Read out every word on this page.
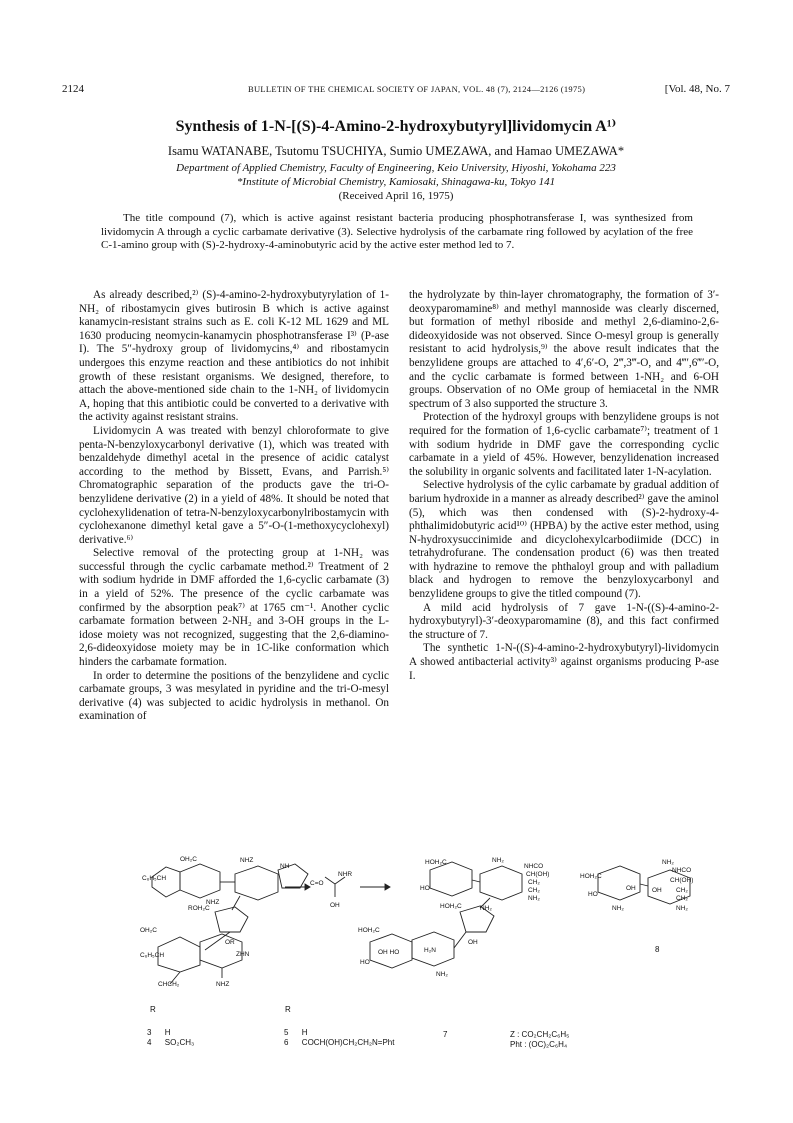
2124	BULLETIN OF THE CHEMICAL SOCIETY OF JAPAN, VOL. 48 (7), 2124—2126 (1975)	[Vol. 48, No. 7
Synthesis of 1-N-[(S)-4-Amino-2-hydroxybutyryl]lividomycin A¹⁾
Isamu WATANABE, Tsutomu TSUCHIYA, Sumio UMEZAWA, and Hamao UMEZAWA*
Department of Applied Chemistry, Faculty of Engineering, Keio University, Hiyoshi, Yokohama 223
*Institute of Microbial Chemistry, Kamiosaki, Shinagawa-ku, Tokyo 141
(Received April 16, 1975)

The title compound (7), which is active against resistant bacteria producing phosphotransferase I, was synthesized from lividomycin A through a cyclic carbamate derivative (3). Selective hydrolysis of the carbamate ring followed by acylation of the free C-1-amino group with (S)-2-hydroxy-4-aminobutyric acid by the active ester method led to 7.

As already described,²⁾ (S)-4-amino-2-hydroxybutyrylation of 1-NH₂ of ribostamycin gives butirosin B which is active against kanamycin-resistant strains such as E. coli K-12 ML 1629 and ML 1630 producing neomycin-kanamycin phosphotransferase I³⁾ (P-ase I). The 5″-hydroxy group of lividomycins,⁴⁾ and ribostamycin undergoes this enzyme reaction and these antibiotics do not inhibit growth of these resistant organisms. We designed, therefore, to attach the above-mentioned side chain to the 1-NH₂ of lividomycin A, hoping that this antibiotic could be converted to a derivative with the activity against resistant strains.

Lividomycin A was treated with benzyl chloroformate to give penta-N-benzyloxycarbonyl derivative (1), which was treated with benzaldehyde dimethyl acetal in the presence of acidic catalyst according to the method by Bissett, Evans, and Parrish.⁵⁾ Chromatographic separation of the products gave the tri-O-benzylidene derivative (2) in a yield of 48%. It should be noted that cyclohexylidenation of tetra-N-benzyloxycarbonylribostamycin with cyclohexanone dimethyl ketal gave a 5″-O-(1-methoxycyclohexyl) derivative.⁶⁾

Selective removal of the protecting group at 1-NH₂ was successful through the cyclic carbamate method.²⁾ Treatment of 2 with sodium hydride in DMF afforded the 1,6-cyclic carbamate (3) in a yield of 52%. The presence of the cyclic carbamate was confirmed by the absorption peak⁷⁾ at 1765 cm⁻¹. Another cyclic carbamate formation between 2-NH₂ and 3-OH groups in the L-idose moiety was not recognized, suggesting that the 2,6-diamino-2,6-dideoxyidose moiety may be in 1C-like conformation which hinders the carbamate formation.

In order to determine the positions of the benzylidene and cyclic carbamate groups, 3 was mesylated in pyridine and the tri-O-mesyl derivative (4) was subjected to acidic hydrolysis in methanol. On examination of

the hydrolyzate by thin-layer chromatography, the formation of 3′-deoxyparomamine⁸⁾ and methyl mannoside was clearly discerned, but formation of methyl riboside and methyl 2,6-diamino-2,6-dideoxyidoside was not observed. Since O-mesyl group is generally resistant to acid hydrolysis,⁹⁾ the above result indicates that the benzylidene groups are attached to 4′,6′-O, 2‴,3‴-O, and 4‴′,6‴′-O, and the cyclic carbamate is formed between 1-NH₂ and 6-OH groups. Observation of no OMe group of hemiacetal in the NMR spectrum of 3 also supported the structure 3.

Protection of the hydroxyl groups with benzylidene groups is not required for the formation of 1,6-cyclic carbamate⁷⁾; treatment of 1 with sodium hydride in DMF gave the corresponding cyclic carbamate in a yield of 45%. However, benzylidenation increased the solubility in organic solvents and facilitated later 1-N-acylation.

Selective hydrolysis of the cylic carbamate by gradual addition of barium hydroxide in a manner as already described²⁾ gave the aminol (5), which was then condensed with (S)-2-hydroxy-4-phthalimidobutyric acid¹⁰⁾ (HPBA) by the active ester method, using N-hydroxysuccinimide and dicyclohexylcarbodiimide (DCC) in tetrahydrofurane. The condensation product (6) was then treated with hydrazine to remove the phthaloyl group and with palladium black and hydrogen to remove the benzyloxycarbonyl and benzylidene groups to give the titled compound (7).

A mild acid hydrolysis of 7 gave 1-N-((S)-4-amino-2-hydroxybutyryl)-3′-deoxyparomamine (8), and this fact confirmed the structure of 7.

The synthetic 1-N-((S)-4-amino-2-hydroxybutyryl)-lividomycin A showed antibacterial activity³⁾ against organisms producing P-ase I.

OH₂C
C₆H₅CH
NHZ
NH
C=O
ROH₂C
NHZ
OR
OH₂C
C₆H₅CH
CHCH₂	NHZ
ZHN
NHR
OH
HOH₂C	NH₂
NHCO
CH(OH)
CH₂
CH₂
NH₂
HO
NH₂
HOH₂C
OH
HOH₂C
H₂N
OH HO
HO
NH₂
HOH₂C
NH₂
NHCO
CH(OH)
HO
OH
NH₂
OH CH₂
CH₂
NH₂
R	R
3      H
4      SO₂CH₃
5      H
6      COCH(OH)CH₂CH₂N=Pht
7
8
Z : CO₂CH₂C₆H₅
Pht : (OC)₂C₆H₄
